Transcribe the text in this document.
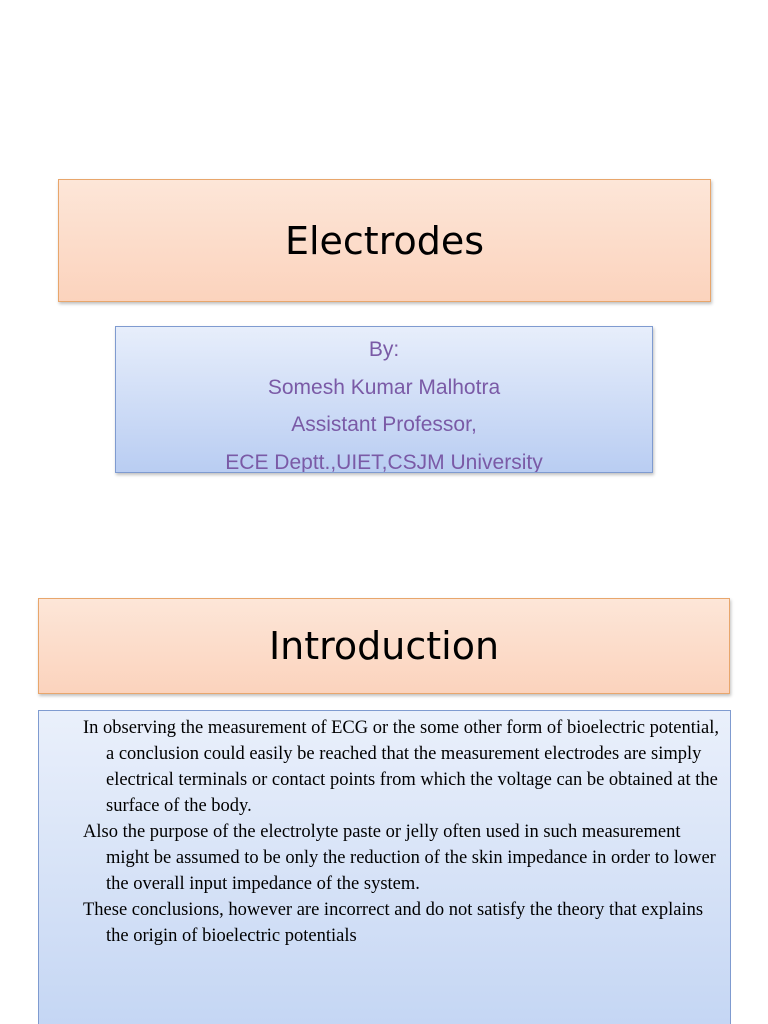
Electrodes
By:
Somesh Kumar Malhotra
Assistant Professor,
ECE Deptt.,UIET,CSJM University
Introduction

In observing the measurement of ECG or the some other form of bioelectric potential, a conclusion could easily be reached that the measurement electrodes are simply electrical terminals or contact points from which the voltage can be obtained at the surface of the body.

Also the purpose of the electrolyte paste or jelly often used in such measurement might be assumed to be only the reduction of the skin impedance in order to lower the overall input impedance of the system.

These conclusions, however are incorrect and do not satisfy the theory that explains the origin of bioelectric potentials
